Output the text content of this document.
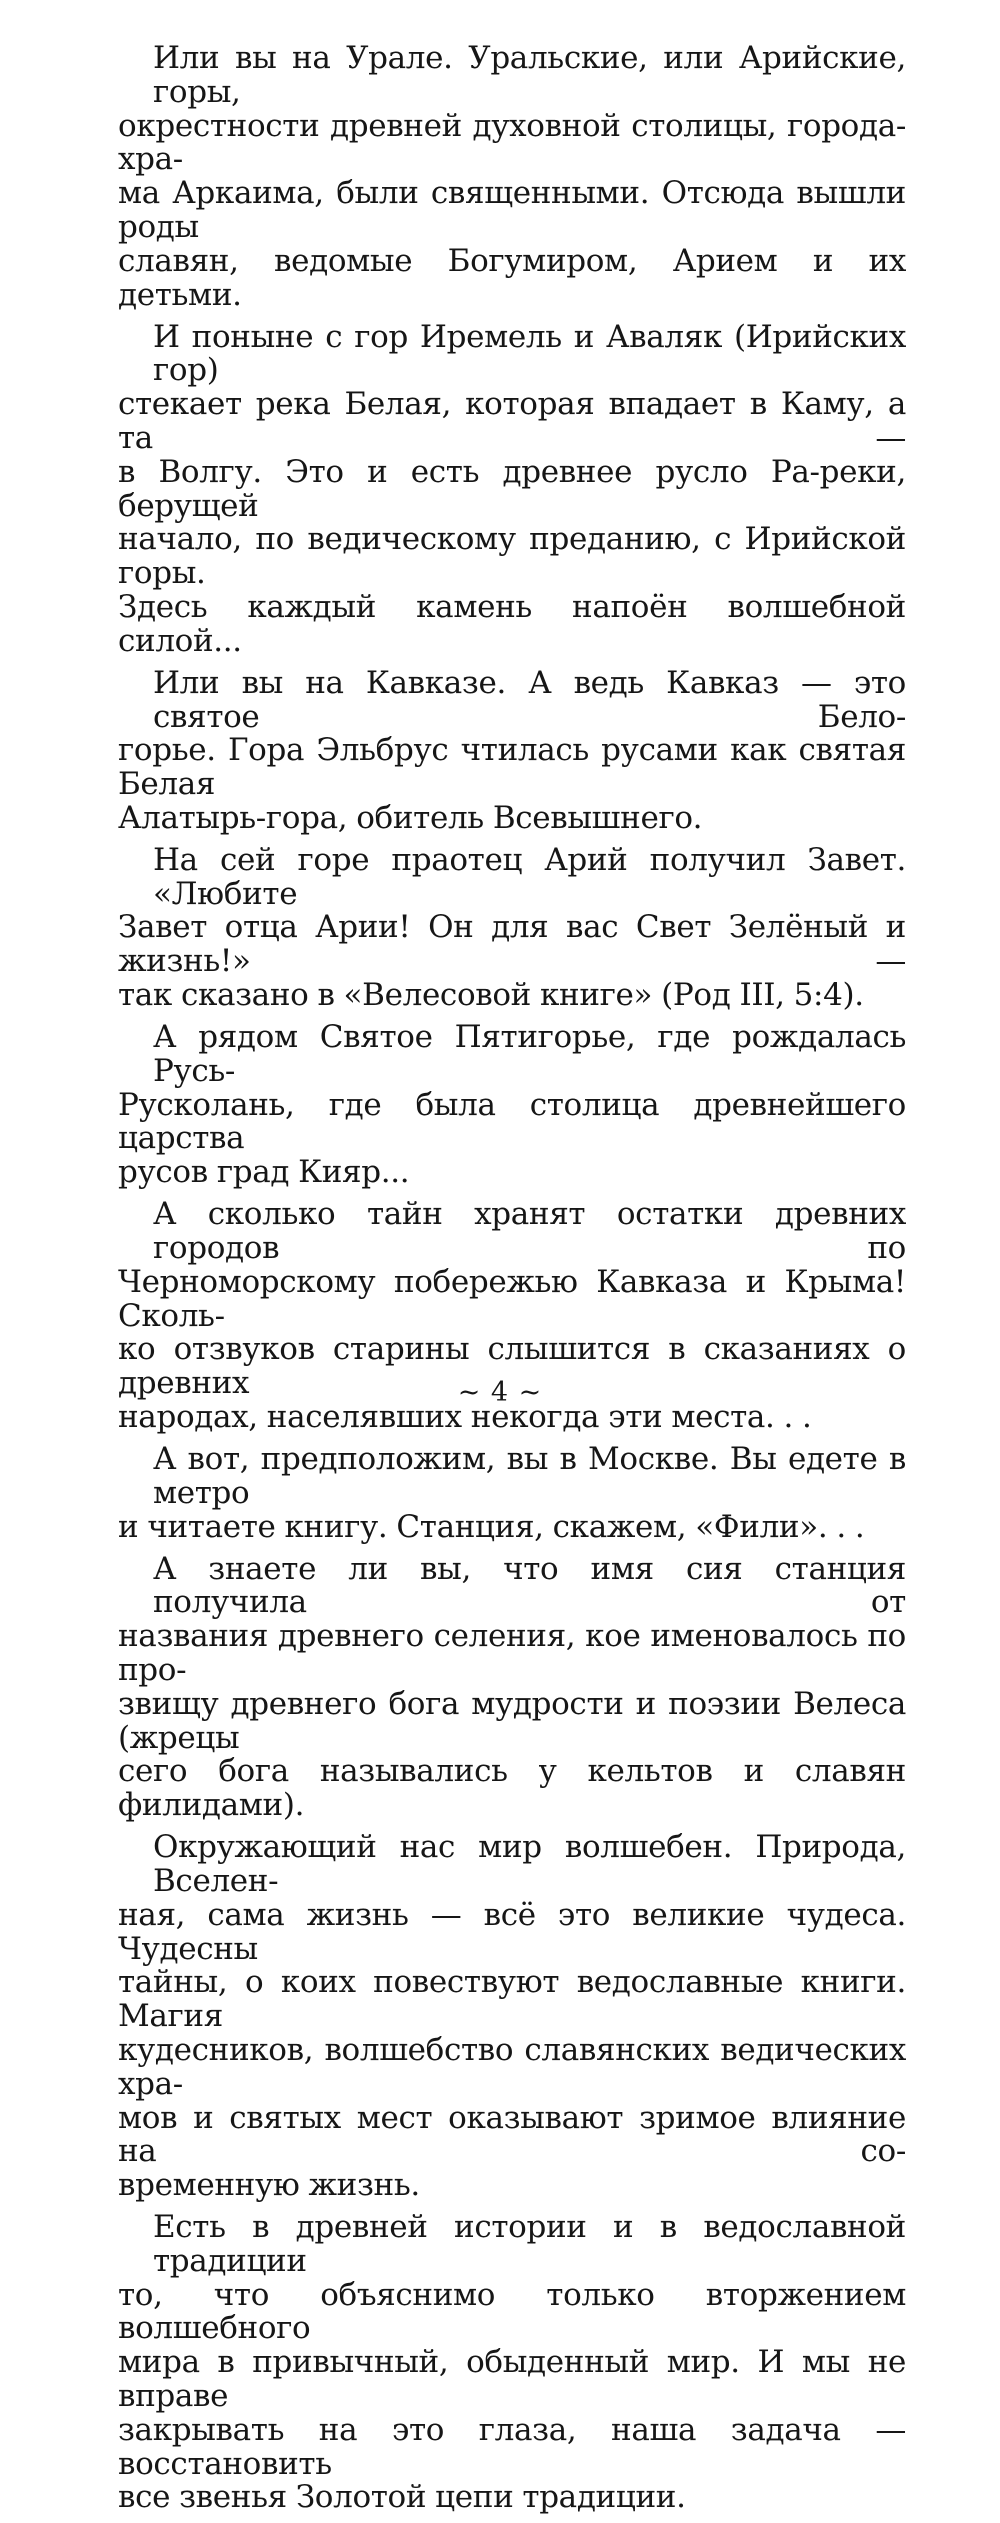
Или вы на Урале. Уральские, или Арийские, горы,
окрестности древней духовной столицы, города-хра-
ма Аркаима, были священными. Отсюда вышли роды
славян, ведомые Богумиром, Арием и их детьми.

И поныне с гор Иремель и Аваляк (Ирийских гор)
стекает река Белая, которая впадает в Каму, а та —
в Волгу. Это и есть древнее русло Ра-реки, берущей
начало, по ведическому преданию, с Ирийской горы.
Здесь каждый камень напоён волшебной силой...

Или вы на Кавказе. А ведь Кавказ — это святое Бело-
горье. Гора Эльбрус чтилась русами как святая Белая
Алатырь-гора, обитель Всевышнего.

На сей горе праотец Арий получил Завет. «Любите
Завет отца Арии! Он для вас Свет Зелёный и жизнь!» —
так сказано в «Велесовой книге» (Род III, 5:4).

А рядом Святое Пятигорье, где рождалась Русь-
Русколань, где была столица древнейшего царства
русов град Кияр...

А сколько тайн хранят остатки древних городов по
Черноморскому побережью Кавказа и Крыма! Сколь-
ко отзвуков старины слышится в сказаниях о древних
народах, населявших некогда эти места. . .

А вот, предположим, вы в Москве. Вы едете в метро
и читаете книгу. Станция, скажем, «Фили». . .

А знаете ли вы, что имя сия станция получила от
названия древнего селения, кое именовалось по про-
звищу древнего бога мудрости и поэзии Велеса (жрецы
сего бога назывались у кельтов и славян филидами).

Окружающий нас мир волшебен. Природа, Вселен-
ная, сама жизнь — всё это великие чудеса. Чудесны
тайны, о коих повествуют ведославные книги. Магия
кудесников, волшебство славянских ведических хра-
мов и святых мест оказывают зримое влияние на со-
временную жизнь.

Есть в древней истории и в ведославной традиции
то, что объяснимо только вторжением волшебного
мира в привычный, обыденный мир. И мы не вправе
закрывать на это глаза, наша задача — восстановить
все звенья Золотой цепи традиции.

~ 4 ~
